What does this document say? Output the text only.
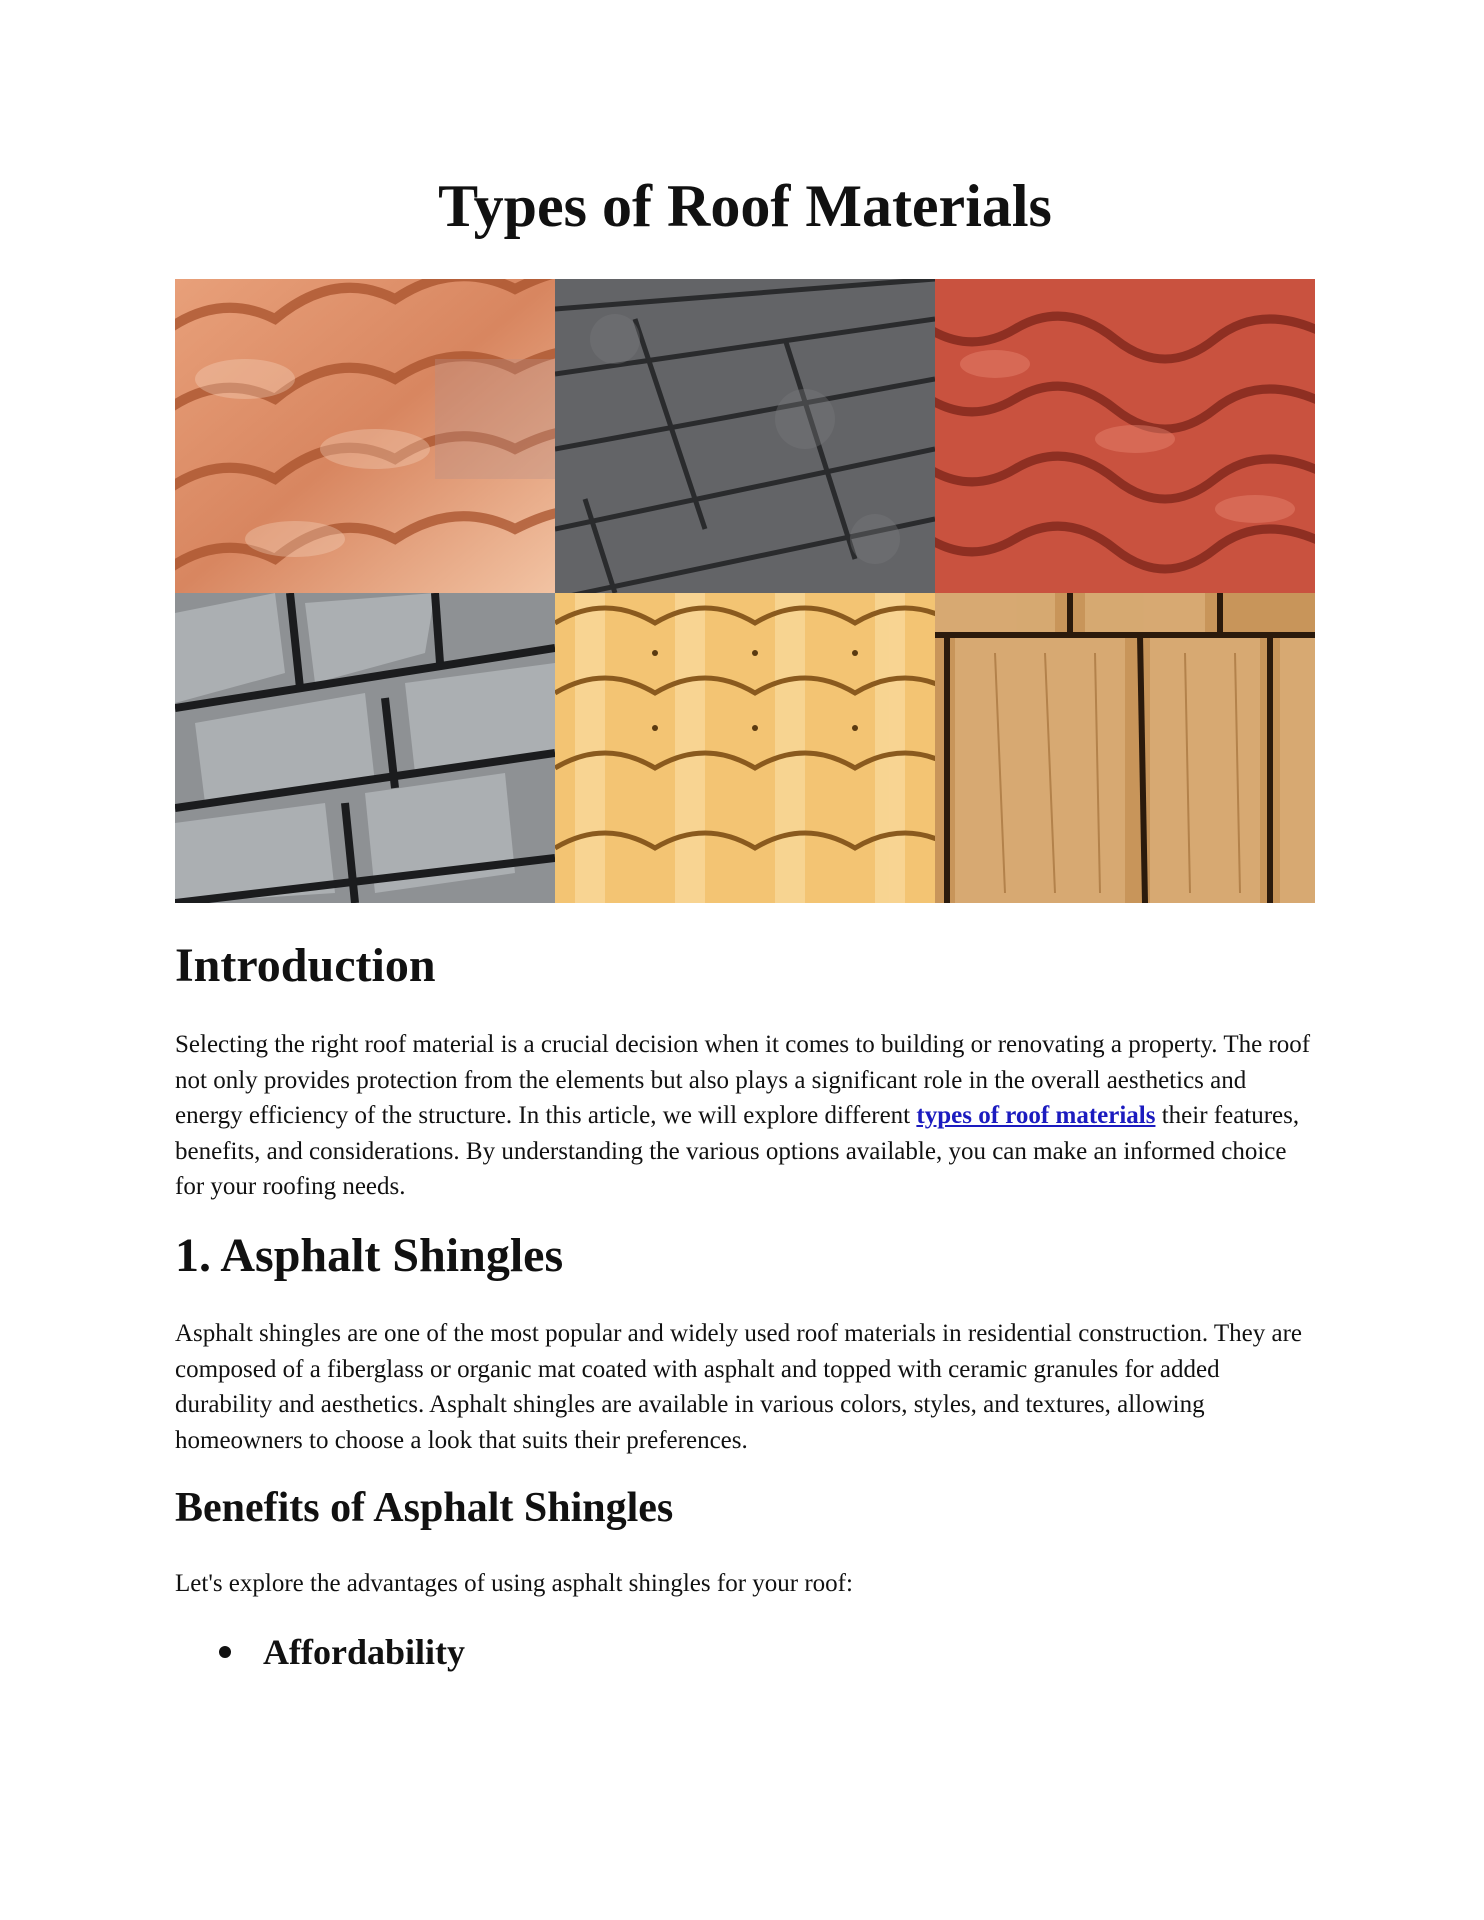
Types of Roof Materials
Introduction

Selecting the right roof material is a crucial decision when it comes to building or renovating a property. The roof not only provides protection from the elements but also plays a significant role in the overall aesthetics and energy efficiency of the structure. In this article, we will explore different types of roof materials their features, benefits, and considerations. By understanding the various options available, you can make an informed choice for your roofing needs.

1. Asphalt Shingles

Asphalt shingles are one of the most popular and widely used roof materials in residential construction. They are composed of a fiberglass or organic mat coated with asphalt and topped with ceramic granules for added durability and aesthetics. Asphalt shingles are available in various colors, styles, and textures, allowing homeowners to choose a look that suits their preferences.

Benefits of Asphalt Shingles

Let's explore the advantages of using asphalt shingles for your roof:

Affordability
